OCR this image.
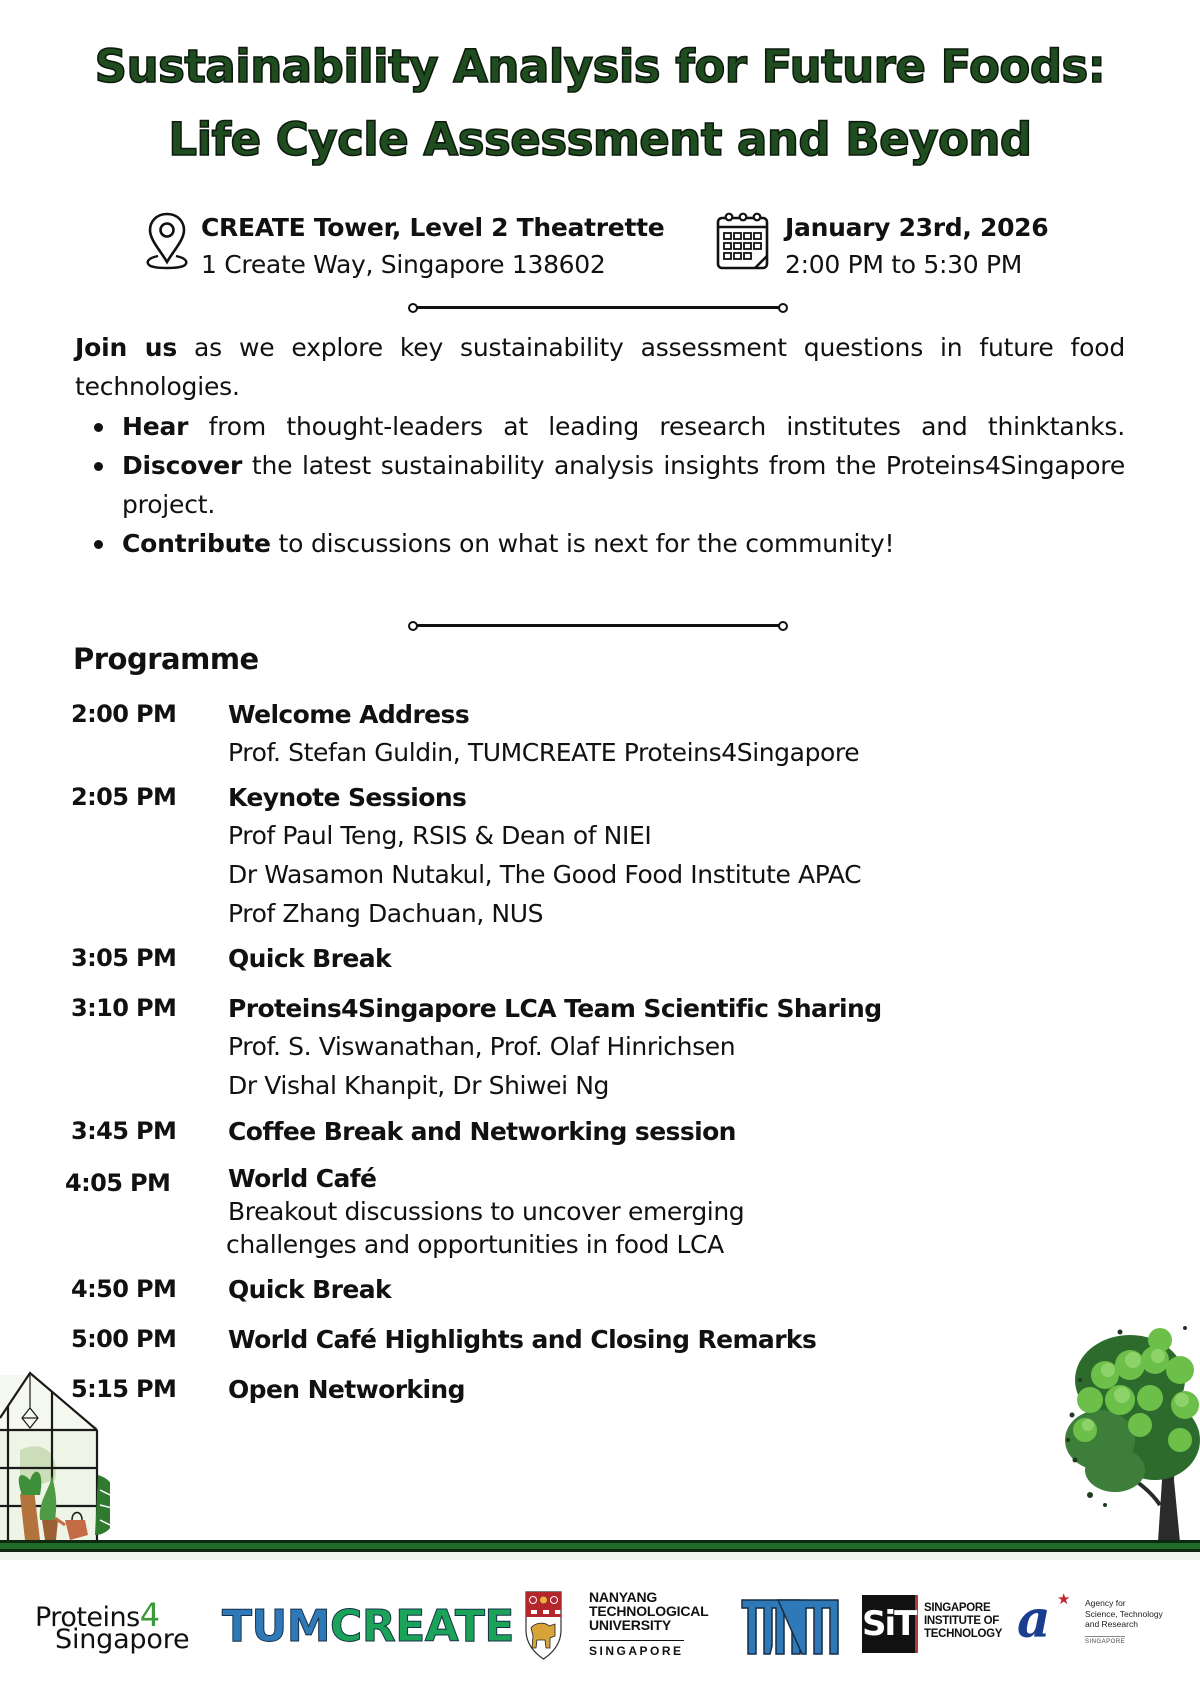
Sustainability Analysis for Future Foods:
Life Cycle Assessment and Beyond
CREATE Tower, Level 2 Theatrette
1 Create Way, Singapore 138602
January 23rd, 2026
2:00 PM to 5:30 PM

Join us as we explore key sustainability assessment questions in future food technologies.

Hear from thought-leaders at leading research institutes and thinktanks.
Discover the latest sustainability analysis insights from the Proteins4Singapore project.
Contribute to discussions on what is next for the community!
Programme
2:00 PM Welcome Address
Prof. Stefan Guldin, TUMCREATE Proteins4Singapore
2:05 PM Keynote Sessions
Prof Paul Teng, RSIS & Dean of NIEI
Dr Wasamon Nutakul, The Good Food Institute APAC
Prof Zhang Dachuan, NUS
3:05 PM Quick Break
3:10 PM Proteins4Singapore LCA Team Scientific Sharing
Prof. S. Viswanathan, Prof. Olaf Hinrichsen
Dr Vishal Khanpit, Dr Shiwei Ng
3:45 PM Coffee Break and Networking session
4:05 PM World Café
Breakout discussions to uncover emerging
challenges and opportunities in food LCA
4:50 PM Quick Break
5:00 PM World Café Highlights and Closing Remarks
5:15 PM Open Networking
Proteins4
Singapore TUMCREATE
NANYANG
TECHNOLOGICAL
UNIVERSITY
SINGAPORE
SiT SINGAPORE
INSTITUTE OF
TECHNOLOGY a ★ Agency for
Science, Technology
and Research
SINGAPORE
